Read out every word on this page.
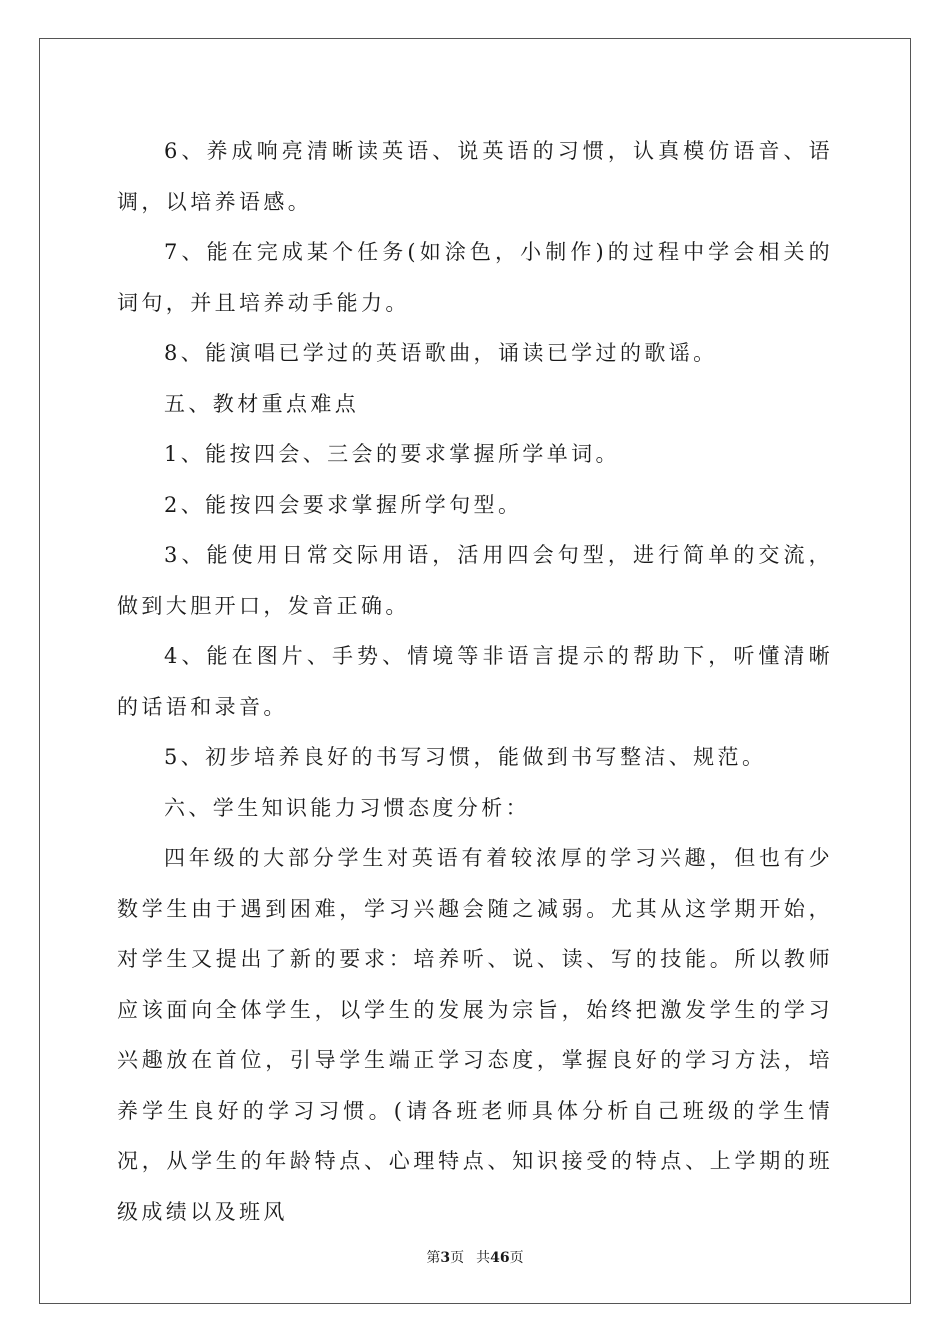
6、养成响亮清晰读英语、说英语的习惯，认真模仿语音、语调，以培养语感。

7、能在完成某个任务(如涂色，小制作)的过程中学会相关的词句，并且培养动手能力。

8、能演唱已学过的英语歌曲，诵读已学过的歌谣。

五、教材重点难点

1、能按四会、三会的要求掌握所学单词。

2、能按四会要求掌握所学句型。

3、能使用日常交际用语，活用四会句型，进行简单的交流，做到大胆开口，发音正确。

4、能在图片、手势、情境等非语言提示的帮助下，听懂清晰的话语和录音。

5、初步培养良好的书写习惯，能做到书写整洁、规范。

六、学生知识能力习惯态度分析：

四年级的大部分学生对英语有着较浓厚的学习兴趣，但也有少数学生由于遇到困难，学习兴趣会随之减弱。尤其从这学期开始，对学生又提出了新的要求：培养听、说、读、写的技能。所以教师应该面向全体学生，以学生的发展为宗旨，始终把激发学生的学习兴趣放在首位，引导学生端正学习态度，掌握良好的学习方法，培养学生良好的学习习惯。(请各班老师具体分析自己班级的学生情况，从学生的年龄特点、心理特点、知识接受的特点、上学期的班级成绩以及班风

第3页 共46页
